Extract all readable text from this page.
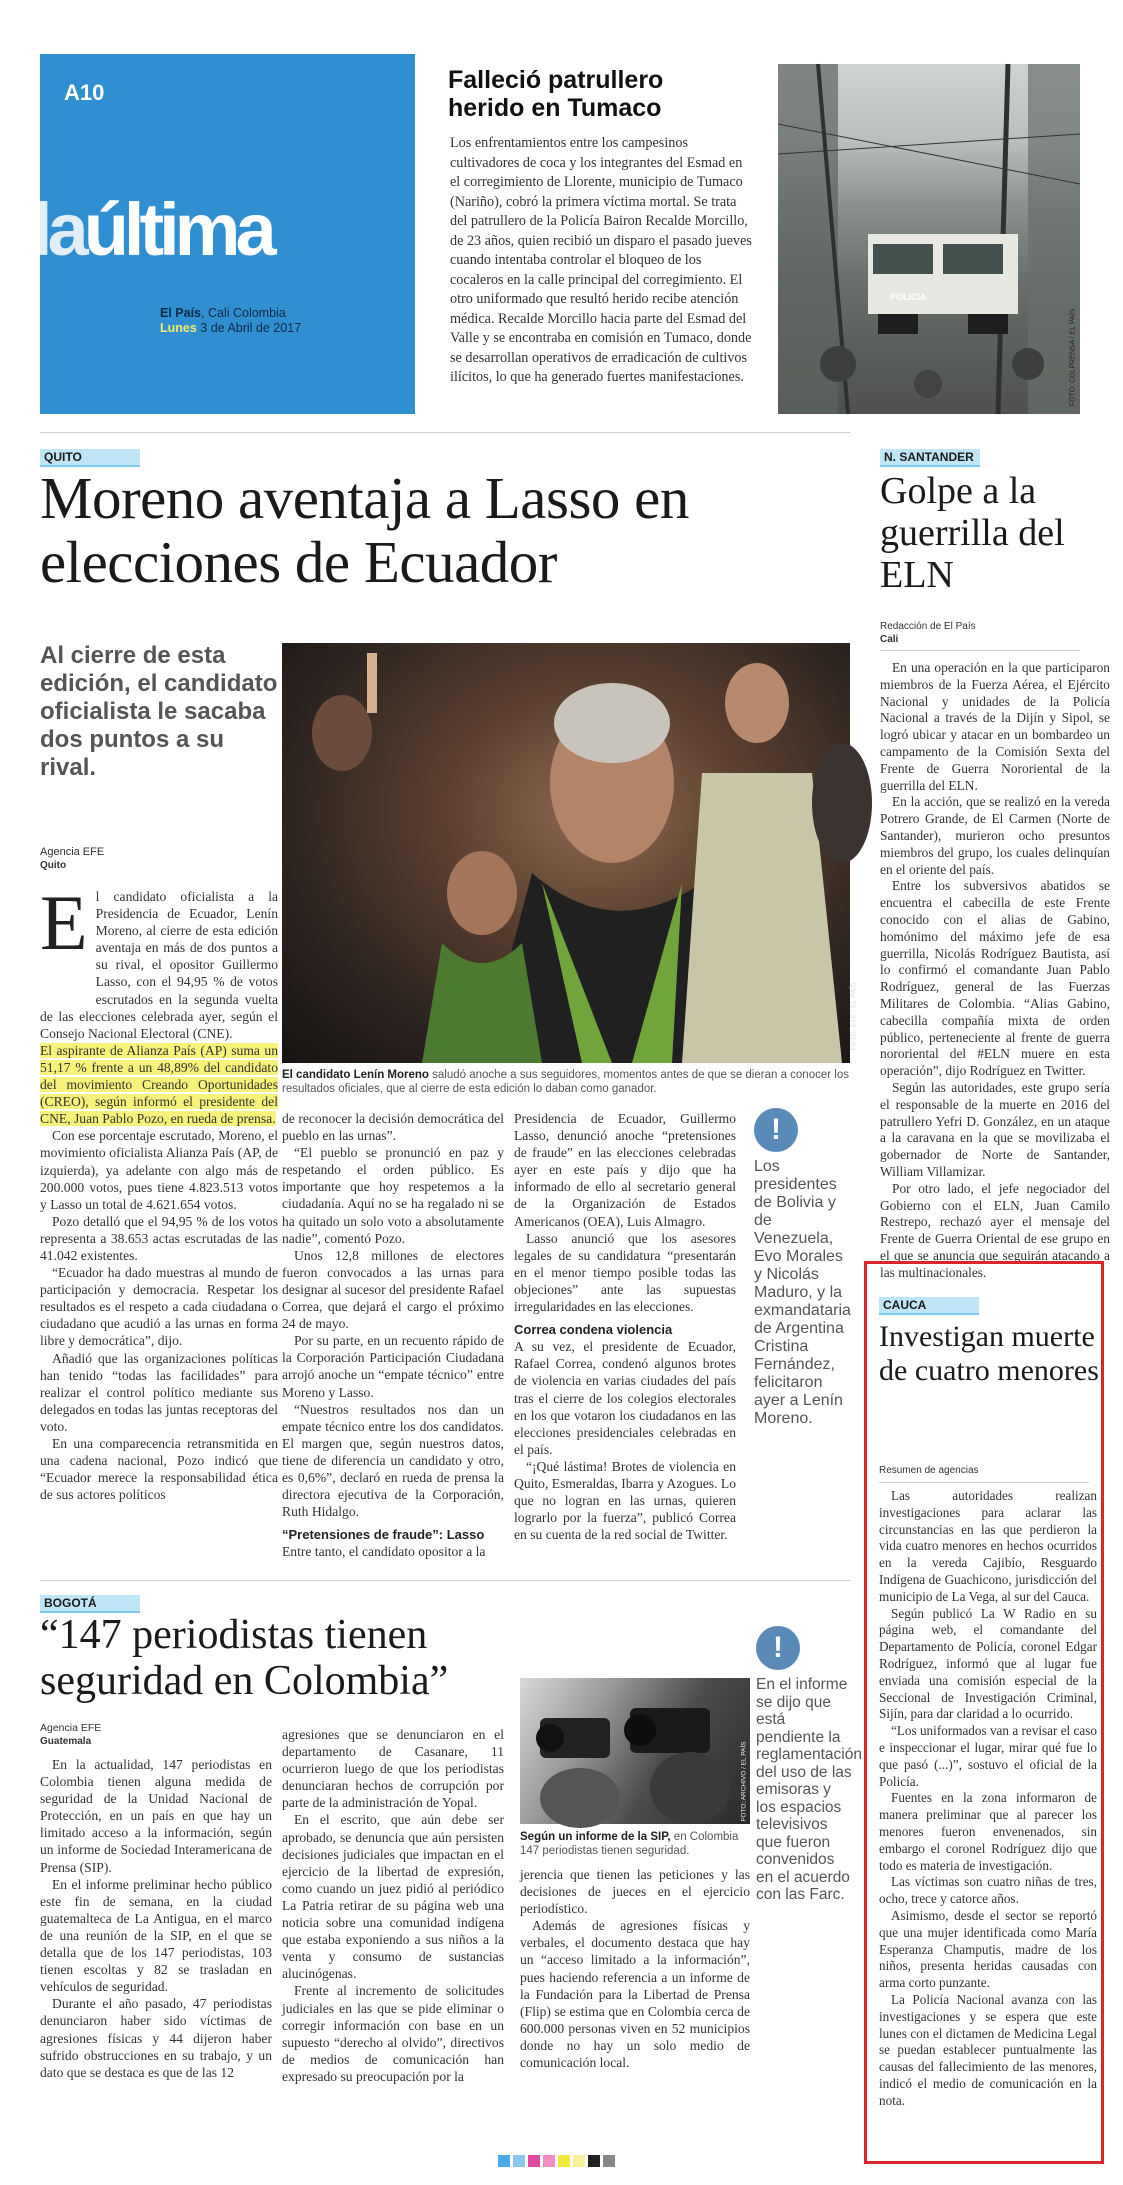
A10
laúltima
El País, Cali Colombia
Lunes 3 de Abril de 2017
Falleció patrullero herido en Tumaco

Los enfrentamientos entre los campesinos cultivadores de coca y los integrantes del Esmad en el corregimiento de Llorente, municipio de Tumaco (Nariño), cobró la primera víctima mortal. Se trata del patrullero de la Policía Bairon Recalde Morcillo, de 23 años, quien recibió un disparo el pasado jueves cuando intentaba controlar el bloqueo de los cocaleros en la calle principal del corregimiento. El otro uniformado que resultó herido recibe atención médica. Recalde Morcillo hacia parte del Esmad del Valle y se encontraba en comisión en Tumaco, donde se desarrollan operativos de erradicación de cultivos ilícitos, lo que ha generado fuertes manifestaciones.

POLICIA
FOTO: COLPRENSA / EL PAÍS
QUITO
Moreno aventaja a Lasso en elecciones de Ecuador
Al cierre de esta edición, el candidato oficialista le sacaba dos puntos a su rival.
Agencia EFE
Quito
E l candidato oficialista a la Presidencia de Ecuador, Lenín Moreno, al cierre de esta edición aventaja en más de dos puntos a su rival, el opositor Guillermo Lasso, con el 94,95 % de votos escrutados en la segunda vuelta de las elecciones celebrada ayer, según el Consejo Nacional Electoral (CNE).

El aspirante de Alianza País (AP) suma un 51,17 % frente a un 48,89% del candidato del movimiento Creando Oportunidades (CREO), según informó el presidente del CNE, Juan Pablo Pozo, en rueda de prensa.

Con ese porcentaje escrutado, Moreno, el movimiento oficialista Alianza País (AP, de izquierda), ya adelante con algo más de 200.000 votos, pues tiene 4.823.513 votos y Lasso un total de 4.621.654 votos.

Pozo detalló que el 94,95 % de los votos representa a 38.653 actas escrutadas de las 41.042 existentes.

“Ecuador ha dado muestras al mundo de participación y democracia. Respetar los resultados es el respeto a cada ciudadana o ciudadano que acudió a las urnas en forma libre y democrática”, dijo.

Añadió que las organizaciones políticas han tenido “todas las facilidades” para realizar el control político mediante sus delegados en todas las juntas receptoras del voto.

En una comparecencia retransmitida en una cadena nacional, Pozo indicó que “Ecuador merece la responsabilidad ética de sus actores políticos

FOTO: EFE / EL PAÍS
El candidato Lenín Moreno saludó anoche a sus seguidores, momentos antes de que se dieran a conocer los resultados oficiales, que al cierre de esta edición lo daban como ganador.

de reconocer la decisión democrática del pueblo en las urnas”.

“El pueblo se pronunció en paz y respetando el orden público. Es importante que hoy respetemos a la ciudadanía. Aquí no se ha regalado ni se ha quitado un solo voto a absolutamente nadie”, comentó Pozo.

Unos 12,8 millones de electores fueron convocados a las urnas para designar al sucesor del presidente Rafael Correa, que dejará el cargo el próximo 24 de mayo.

Por su parte, en un recuento rápido de la Corporación Participación Ciudadana arrojó anoche un “empate técnico” entre Moreno y Lasso.

“Nuestros resultados nos dan un empate técnico entre los dos candidatos. El margen que, según nuestros datos, tiene de diferencia un candidato y otro, es 0,6%”, declaró en rueda de prensa la directora ejecutiva de la Corporación, Ruth Hidalgo.

“Pretensiones de fraude”: Lasso

Entre tanto, el candidato opositor a la

Presidencia de Ecuador, Guillermo Lasso, denunció anoche “pretensiones de fraude” en las elecciones celebradas ayer en este país y dijo que ha informado de ello al secretario general de la Organización de Estados Americanos (OEA), Luis Almagro.

Lasso anunció que los asesores legales de su candidatura “presentarán en el menor tiempo posible todas las objeciones” ante las supuestas irregularidades en las elecciones.

Correa condena violencia

A su vez, el presidente de Ecuador, Rafael Correa, condenó algunos brotes de violencia en varias ciudades del país tras el cierre de los colegios electorales en los que votaron los ciudadanos en las elecciones presidenciales celebradas en el país.

“¡Qué lástima! Brotes de violencia en Quito, Esmeraldas, Ibarra y Azogues. Lo que no logran en las urnas, quieren lograrlo por la fuerza”, publicó Correa en su cuenta de la red social de Twitter.

!
Los presidentes de Bolivia y de Venezuela, Evo Morales y Nicolás Maduro, y la exmandataria de Argentina Cristina Fernández, felicitaron ayer a Lenín Moreno.
N. SANTANDER
Golpe a la guerrilla del ELN
Redacción de El País
Cali

En una operación en la que participaron miembros de la Fuerza Aérea, el Ejército Nacional y unidades de la Policía Nacional a través de la Dijín y Sipol, se logró ubicar y atacar en un bombardeo un campamento de la Comisión Sexta del Frente de Guerra Nororiental de la guerrilla del ELN.

En la acción, que se realizó en la vereda Potrero Grande, de El Carmen (Norte de Santander), murieron ocho presuntos miembros del grupo, los cuales delinquían en el oriente del país.

Entre los subversivos abatidos se encuentra el cabecilla de este Frente conocido con el alias de Gabino, homónimo del máximo jefe de esa guerrilla, Nicolás Rodríguez Bautista, así lo confirmó el comandante Juan Pablo Rodríguez, general de las Fuerzas Militares de Colombia. “Alias Gabino, cabecilla compañía mixta de orden público, perteneciente al frente de guerra nororiental del #ELN muere en esta operación”, dijo Rodríguez en Twitter.

Según las autoridades, este grupo sería el responsable de la muerte en 2016 del patrullero Yefri D. González, en un ataque a la caravana en la que se movilizaba el gobernador de Norte de Santander, William Villamizar.

Por otro lado, el jefe negociador del Gobierno con el ELN, Juan Camilo Restrepo, rechazó ayer el mensaje del Frente de Guerra Oriental de ese grupo en el que se anuncia que seguirán atacando a las multinacionales.

CAUCA
Investigan muerte de cuatro menores
Resumen de agencias

Las autoridades realizan investigaciones para aclarar las circunstancias en las que perdieron la vida cuatro menores en hechos ocurridos en la vereda Cajibío, Resguardo Indígena de Guachicono, jurisdicción del municipio de La Vega, al sur del Cauca.

Según publicó La W Radio en su página web, el comandante del Departamento de Policía, coronel Edgar Rodríguez, informó que al lugar fue enviada una comisión especial de la Seccional de Investigación Criminal, Sijín, para dar claridad a lo ocurrido.

“Los uniformados van a revisar el caso e inspeccionar el lugar, mirar qué fue lo que pasó (...)”, sostuvo el oficial de la Policía.

Fuentes en la zona informaron de manera preliminar que al parecer los menores fueron envenenados, sin embargo el coronel Rodríguez dijo que todo es materia de investigación.

Las víctimas son cuatro niñas de tres, ocho, trece y catorce años.

Asimismo, desde el sector se reportó que una mujer identificada como María Esperanza Champutis, madre de los niños, presenta heridas causadas con arma corto punzante.

La Policía Nacional avanza con las investigaciones y se espera que este lunes con el dictamen de Medicina Legal se puedan establecer puntualmente las causas del fallecimiento de las menores, indicó el medio de comunicación en la nota.

BOGOTÁ
“147 periodistas tienen seguridad en Colombia”
Agencia EFE
Guatemala

En la actualidad, 147 periodistas en Colombia tienen alguna medida de seguridad de la Unidad Nacional de Protección, en un país en que hay un limitado acceso a la información, según un informe de Sociedad Interamericana de Prensa (SIP).

En el informe preliminar hecho público este fin de semana, en la ciudad guatemalteca de La Antigua, en el marco de una reunión de la SIP, en el que se detalla que de los 147 periodistas, 103 tienen escoltas y 82 se trasladan en vehículos de seguridad.

Durante el año pasado, 47 periodistas denunciaron haber sido víctimas de agresiones físicas y 44 dijeron haber sufrido obstrucciones en su trabajo, y un dato que se destaca es que de las 12

agresiones que se denunciaron en el departamento de Casanare, 11 ocurrieron luego de que los periodistas denunciaran hechos de corrupción por parte de la administración de Yopal.

En el escrito, que aún debe ser aprobado, se denuncia que aún persisten decisiones judiciales que impactan en el ejercicio de la libertad de expresión, como cuando un juez pidió al periódico La Patria retirar de su página web una noticia sobre una comunidad indígena que estaba exponiendo a sus niños a la venta y consumo de sustancias alucinógenas.

Frente al incremento de solicitudes judiciales en las que se pide eliminar o corregir información con base en un supuesto “derecho al olvido”, directivos de medios de comunicación han expresado su preocupación por la

FOTO: ARCHIVO / EL PAÍS
Según un informe de la SIP, en Colombia 147 periodistas tienen seguridad.

jerencia que tienen las peticiones y las decisiones de jueces en el ejercicio periodístico.

Además de agresiones físicas y verbales, el documento destaca que hay un “acceso limitado a la información”, pues haciendo referencia a un informe de la Fundación para la Libertad de Prensa (Flip) se estima que en Colombia cerca de 600.000 personas viven en 52 municipios donde no hay un solo medio de comunicación local.

!
En el informe se dijo que está pendiente la reglamentación del uso de las emisoras y los espacios televisivos que fueron convenidos en el acuerdo con las Farc.
